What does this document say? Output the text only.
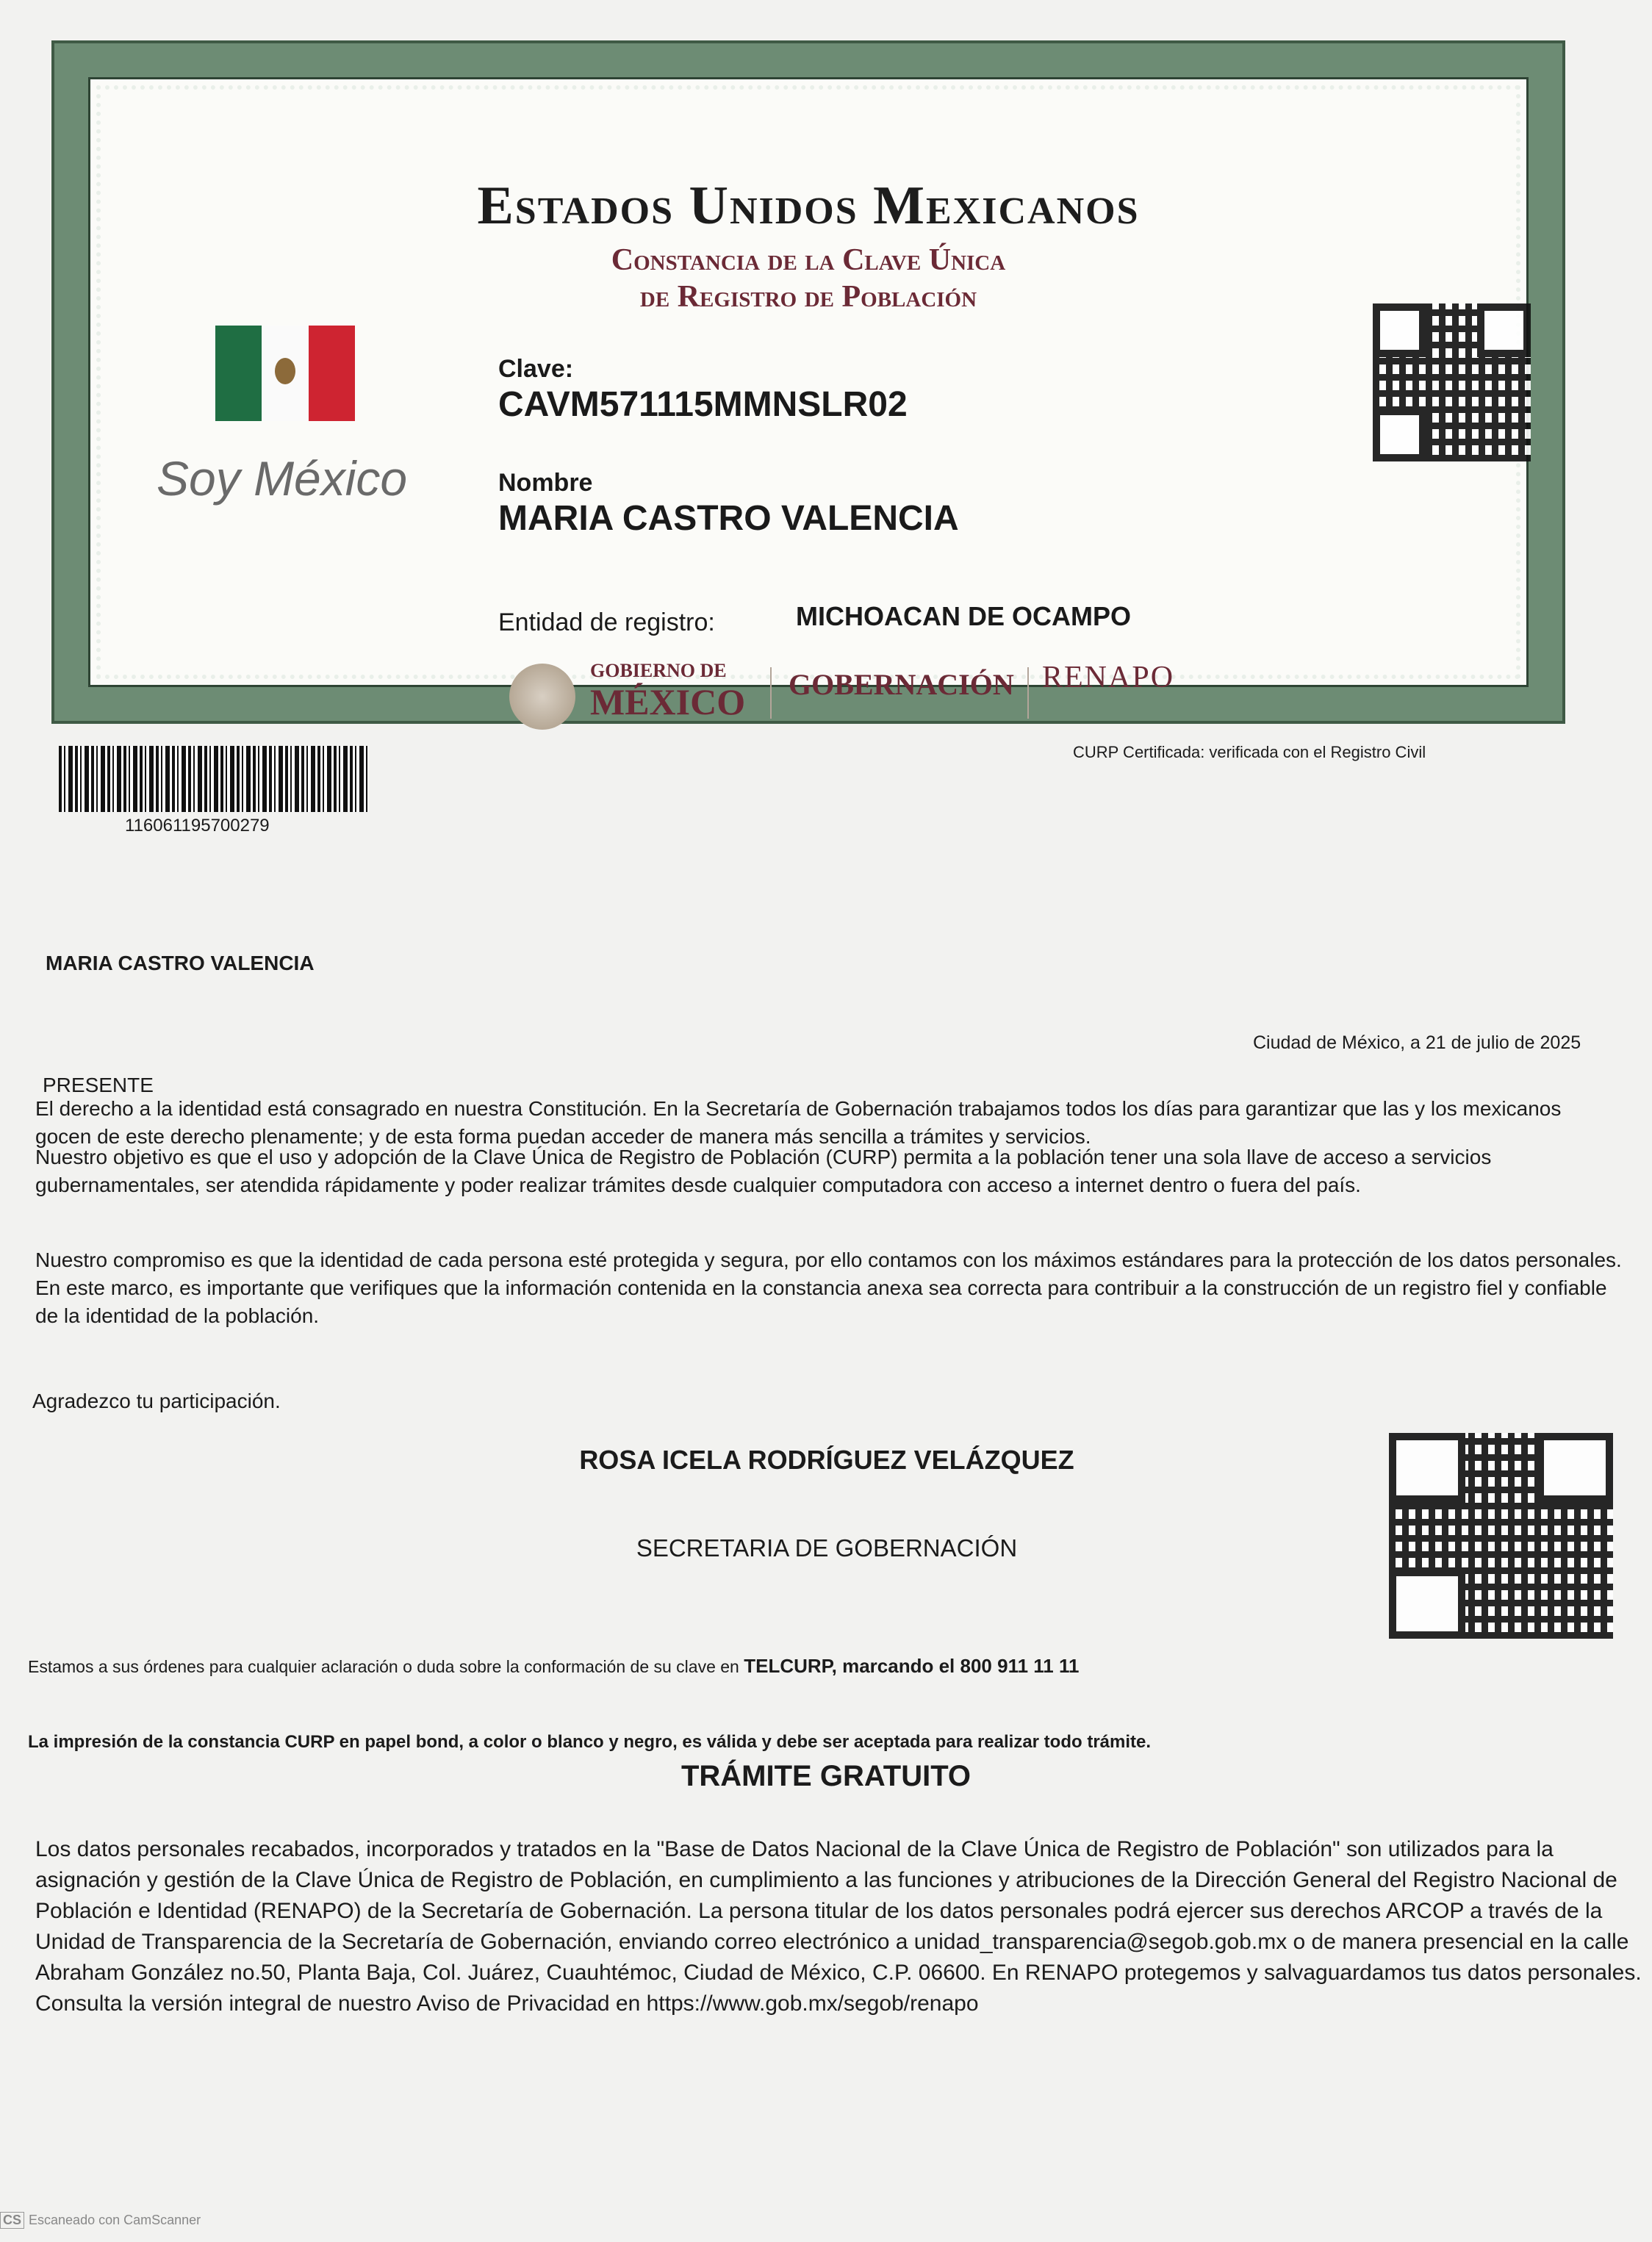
Estados Unidos Mexicanos
Constancia de la Clave Única
de Registro de Población
Soy México
Clave:
CAVM571115MMNSLR02
Nombre
MARIA CASTRO VALENCIA
Entidad de registro:	MICHOACAN DE OCAMPO
GOBIERNO DE
MÉXICO GOBERNACIÓN RENAPO
CURP Certificada: verificada con el Registro Civil
116061195700279
MARIA CASTRO VALENCIA
Ciudad de México, a 21 de julio de 2025
PRESENTE

El derecho a la identidad está consagrado en nuestra Constitución. En la Secretaría de Gobernación trabajamos todos los días para garantizar que las y los mexicanos gocen de este derecho plenamente; y de esta forma puedan acceder de manera más sencilla a trámites y servicios.
Nuestro objetivo es que el uso y adopción de la Clave Única de Registro de Población (CURP) permita a la población tener una sola llave de acceso a servicios gubernamentales, ser atendida rápidamente y poder realizar trámites desde cualquier computadora con acceso a internet dentro o fuera del país.
Nuestro compromiso es que la identidad de cada persona esté protegida y segura, por ello contamos con los máximos estándares para la protección de los datos personales. En este marco, es importante que verifiques que la información contenida en la constancia anexa sea correcta para contribuir a la construcción de un registro fiel y confiable de la identidad de la población.
Agradezco tu participación.
ROSA ICELA RODRÍGUEZ VELÁZQUEZ
SECRETARIA DE GOBERNACIÓN
Estamos a sus órdenes para cualquier aclaración o duda sobre la conformación de su clave en TELCURP, marcando el 800 911 11 11
La impresión de la constancia CURP en papel bond, a color o blanco y negro, es válida y debe ser aceptada para realizar todo trámite.
TRÁMITE GRATUITO
Los datos personales recabados, incorporados y tratados en la "Base de Datos Nacional de la Clave Única de Registro de Población" son utilizados para la asignación y gestión de la Clave Única de Registro de Población, en cumplimiento a las funciones y atribuciones de la Dirección General del Registro Nacional de Población e Identidad (RENAPO) de la Secretaría de Gobernación. La persona titular de los datos personales podrá ejercer sus derechos ARCOP a través de la Unidad de Transparencia de la Secretaría de Gobernación, enviando correo electrónico a unidad_transparencia@segob.gob.mx o de manera presencial en la calle Abraham González no.50, Planta Baja, Col. Juárez, Cuauhtémoc, Ciudad de México, C.P. 06600. En RENAPO protegemos y salvaguardamos tus datos personales. Consulta la versión integral de nuestro Aviso de Privacidad en https://www.gob.mx/segob/renapo
CS Escaneado con CamScanner
